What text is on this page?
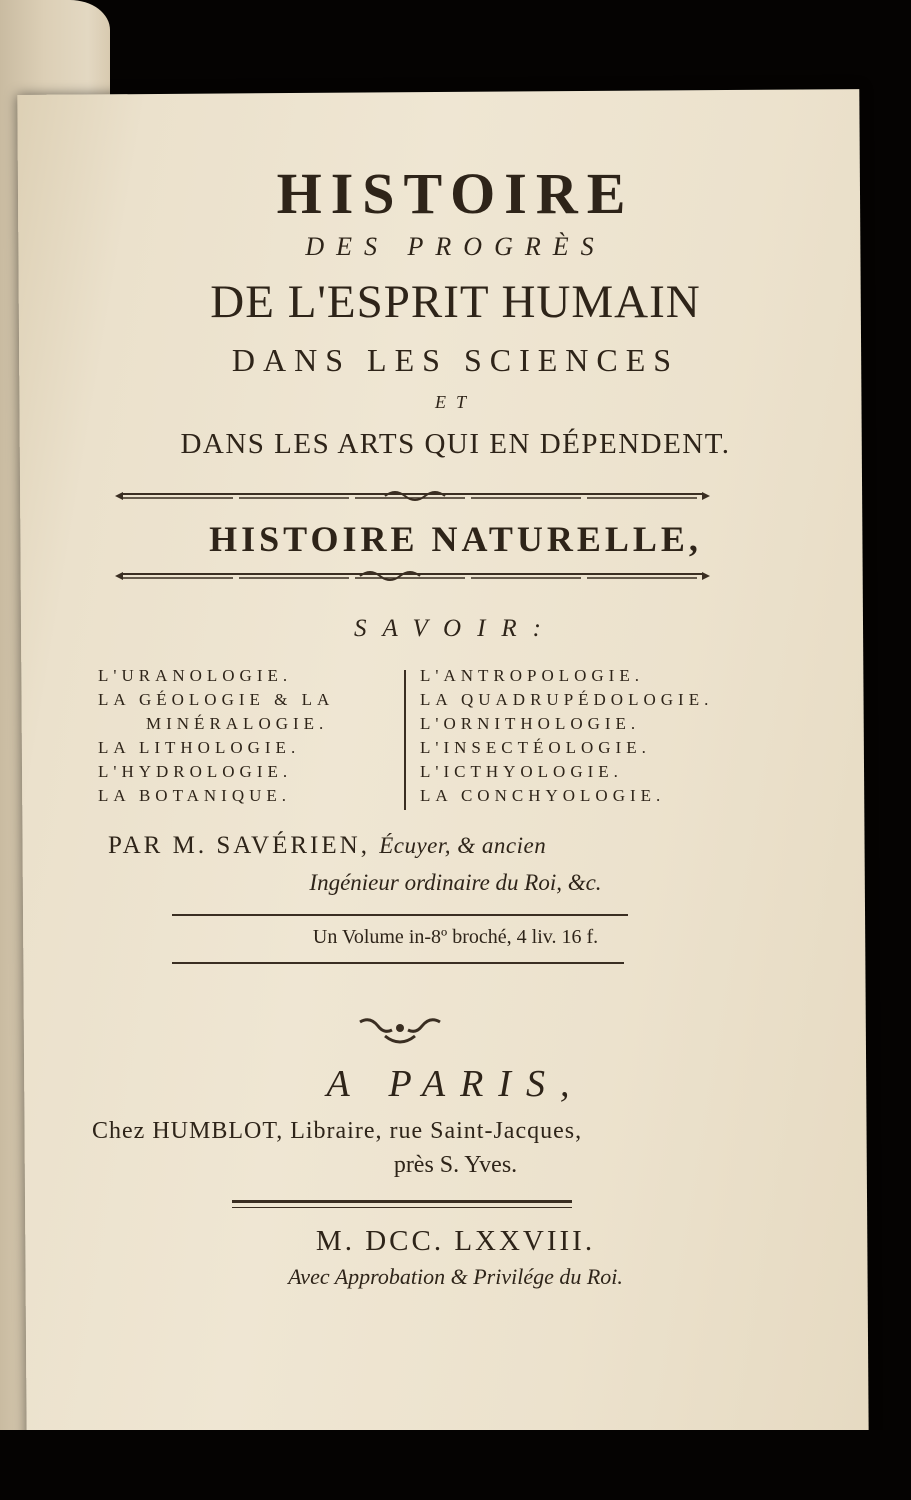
HISTOIRE
DES PROGRÈS
DE L'ESPRIT HUMAIN
DANS LES SCIENCES
ET
DANS LES ARTS QUI EN DÉPENDENT.
HISTOIRE NATURELLE,
SAVOIR:
L'URANOLOGIE.
LA GÉOLOGIE & LA
MINÉRALOGIE.
LA LITHOLOGIE.
L'HYDROLOGIE.
LA BOTANIQUE.
L'ANTROPOLOGIE.
LA QUADRUPÉDOLOGIE.
L'ORNITHOLOGIE.
L'INSECTÉOLOGIE.
L'ICTHYOLOGIE.
LA CONCHYOLOGIE.
PAR M. SAVÉRIEN, Écuyer, & ancien
Ingénieur ordinaire du Roi, &c.
Un Volume in-8º broché, 4 liv. 16 f.
A PARIS,
Chez HUMBLOT, Libraire, rue Saint-Jacques,
près S. Yves.
M. DCC. LXXVIII.
Avec Approbation & Privilége du Roi.
